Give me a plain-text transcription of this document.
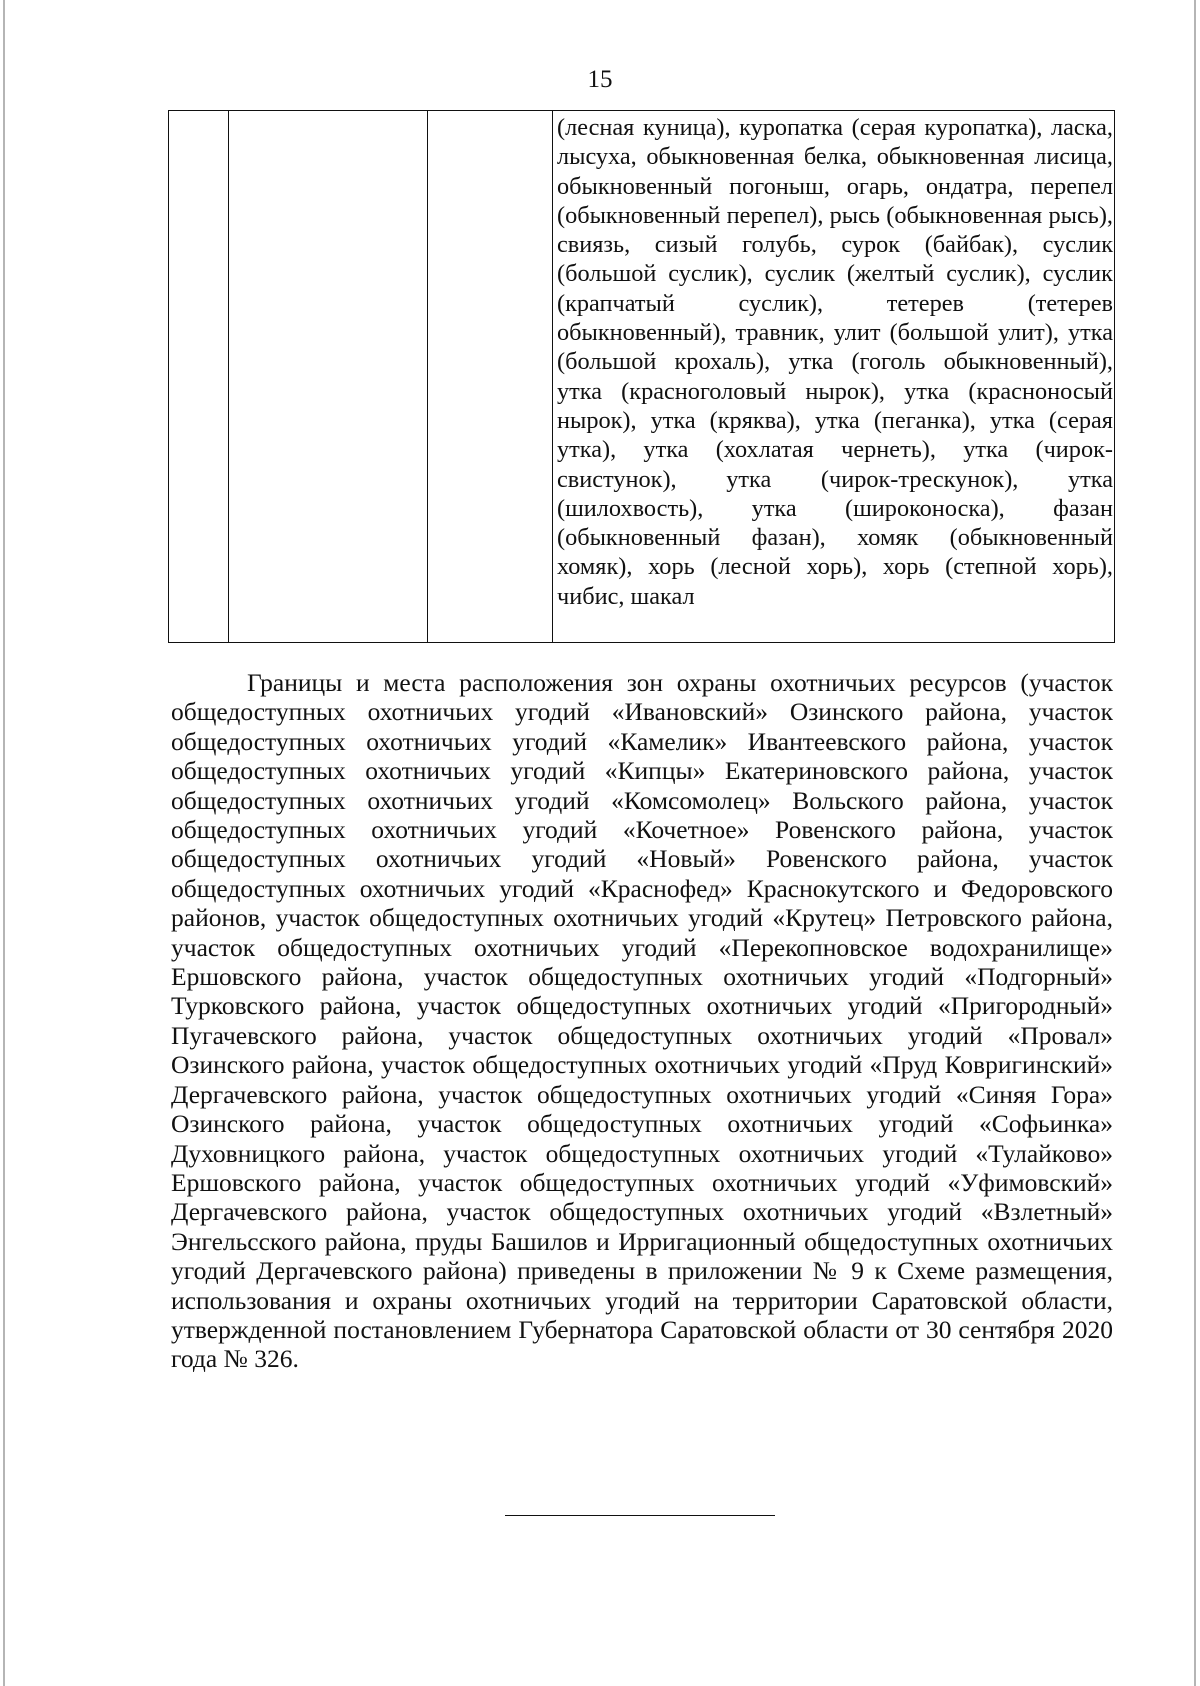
15
			(лесная куница), куропатка (серая куропатка), ласка, лысуха, обыкновенная белка, обыкновенная лисица, обыкновенный погоныш, огарь, ондатра, перепел (обыкновенный перепел), рысь (обыкновенная рысь), свиязь, сизый голубь, сурок (байбак), суслик (большой суслик), суслик (желтый суслик), суслик (крапчатый суслик), тетерев (тетерев обыкновенный), травник, улит (большой улит), утка (большой крохаль), утка (гоголь обыкновенный), утка (красноголовый нырок), утка (красноносый нырок), утка (кряква), утка (пеганка), утка (серая утка), утка (хохлатая чернеть), утка (чирок-свистунок), утка (чирок-трескунок), утка (шилохвость), утка (широконоска), фазан (обыкновенный фазан), хомяк (обыкновенный хомяк), хорь (лесной хорь), хорь (степной хорь), чибис, шакал

Границы и места расположения зон охраны охотничьих ресурсов (участок общедоступных охотничьих угодий «Ивановский» Озинского района, участок общедоступных охотничьих угодий «Камелик» Ивантеевского района, участок общедоступных охотничьих угодий «Кипцы» Екатериновского района, участок общедоступных охотничьих угодий «Комсомолец» Вольского района, участок общедоступных охотничьих угодий «Кочетное» Ровенского района, участок общедоступных охотничьих угодий «Новый» Ровенского района, участок общедоступных охотничьих угодий «Краснофед» Краснокутского и Федоровского районов, участок общедоступных охотничьих угодий «Крутец» Петровского района, участок общедоступных охотничьих угодий «Перекопновское водохранилище» Ершовского района, участок общедоступных охотничьих угодий «Подгорный» Турковского района, участок общедоступных охотничьих угодий «Пригородный» Пугачевского района, участок общедоступных охотничьих угодий «Провал» Озинского района, участок общедоступных охотничьих угодий «Пруд Ковригинский» Дергачевского района, участок общедоступных охотничьих угодий «Синяя Гора» Озинского района, участок общедоступных охотничьих угодий «Софьинка» Духовницкого района, участок общедоступных охотничьих угодий «Тулайково» Ершовского района, участок общедоступных охотничьих угодий «Уфимовский» Дергачевского района, участок общедоступных охотничьих угодий «Взлетный» Энгельсского района, пруды Башилов и Ирригационный общедоступных охотничьих угодий Дергачевского района) приведены в приложении № 9 к Схеме размещения, использования и охраны охотничьих угодий на территории Саратовской области, утвержденной постановлением Губернатора Саратовской области от 30 сентября 2020 года № 326.
